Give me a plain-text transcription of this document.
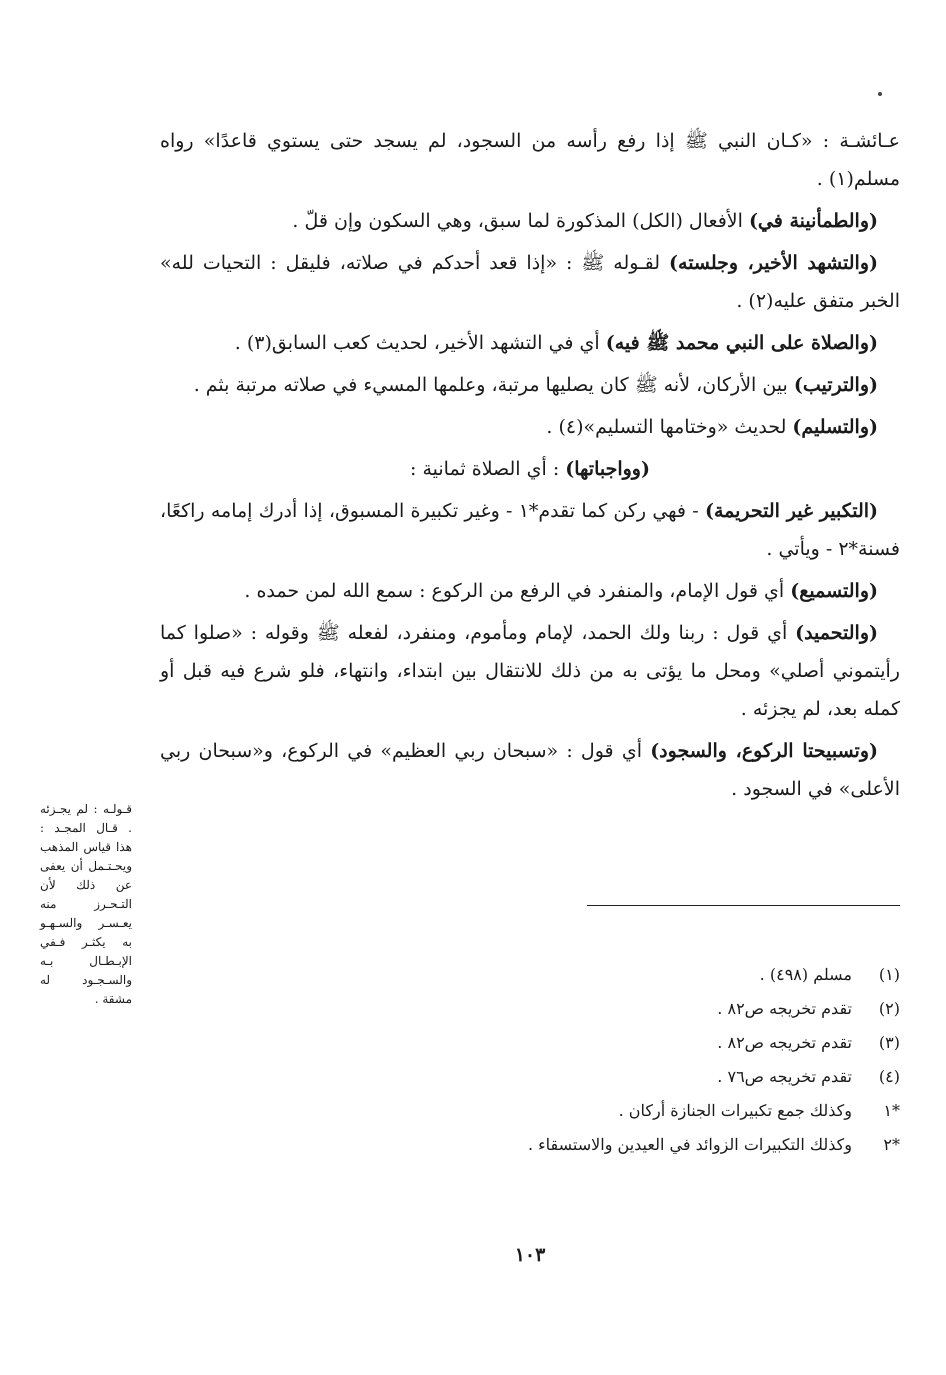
عـائشـة : «كـان النبي ﷺ إذا رفع رأسه من السجود، لم يسجد حتى يستوي قاعدًا» رواه مسلم(١) .

(والطمأنينة في) الأفعال (الكل) المذكورة لما سبق، وهي السكون وإن قلّ .

(والتشهد الأخير، وجلسته) لقـوله ﷺ : «إذا قعد أحدكم في صلاته، فليقل : التحيات لله» الخبر متفق عليه(٢) .

(والصلاة على النبي محمد ﷺ فيه) أي في التشهد الأخير، لحديث كعب السابق(٣) .

(والترتيب) بين الأركان، لأنه ﷺ كان يصليها مرتبة، وعلمها المسيء في صلاته مرتبة بثم .

(والتسليم) لحديث «وختامها التسليم»(٤) .

(وواجباتها) : أي الصلاة ثمانية :

(التكبير غير التحريمة) - فهي ركن كما تقدم*١ - وغير تكبيرة المسبوق، إذا أدرك إمامه راكعًا، فسنة*٢ - ويأتي .

(والتسميع) أي قول الإمام، والمنفرد في الرفع من الركوع : سمع الله لمن حمده .

(والتحميد) أي قول : ربنا ولك الحمد، لإمام ومأموم، ومنفرد، لفعله ﷺ وقوله : «صلوا كما رأيتموني أصلي» ومحل ما يؤتى به من ذلك للانتقال بين ابتداء، وانتهاء، فلو شرع فيه قبل أو كمله بعد، لم يجزئه .

(وتسبيحتا الركوع، والسجود) أي قول : «سبحان ربي العظيم» في الركوع، و«سبحان ربي الأعلى» في السجود .

قـولـه : لم يجـزئه . قـال المجـد : هذا قياس المذهب ويحـتـمل أن يعفى عن ذلك لأن التـحـرز منه يعـسـر والسـهـو به يكثـر فـفي الإبـطـال بـه والسـجـود له مشقة .
(١)
مسلم (٤٩٨) .
(٢)
تقدم تخريجه ص٨٢ .
(٣)
تقدم تخريجه ص٨٢ .
(٤)
تقدم تخريجه ص٧٦ .
*١
وكذلك جمع تكبيرات الجنازة أركان .
*٢
وكذلك التكبيرات الزوائد في العيدين والاستسقاء .
١٠٣
